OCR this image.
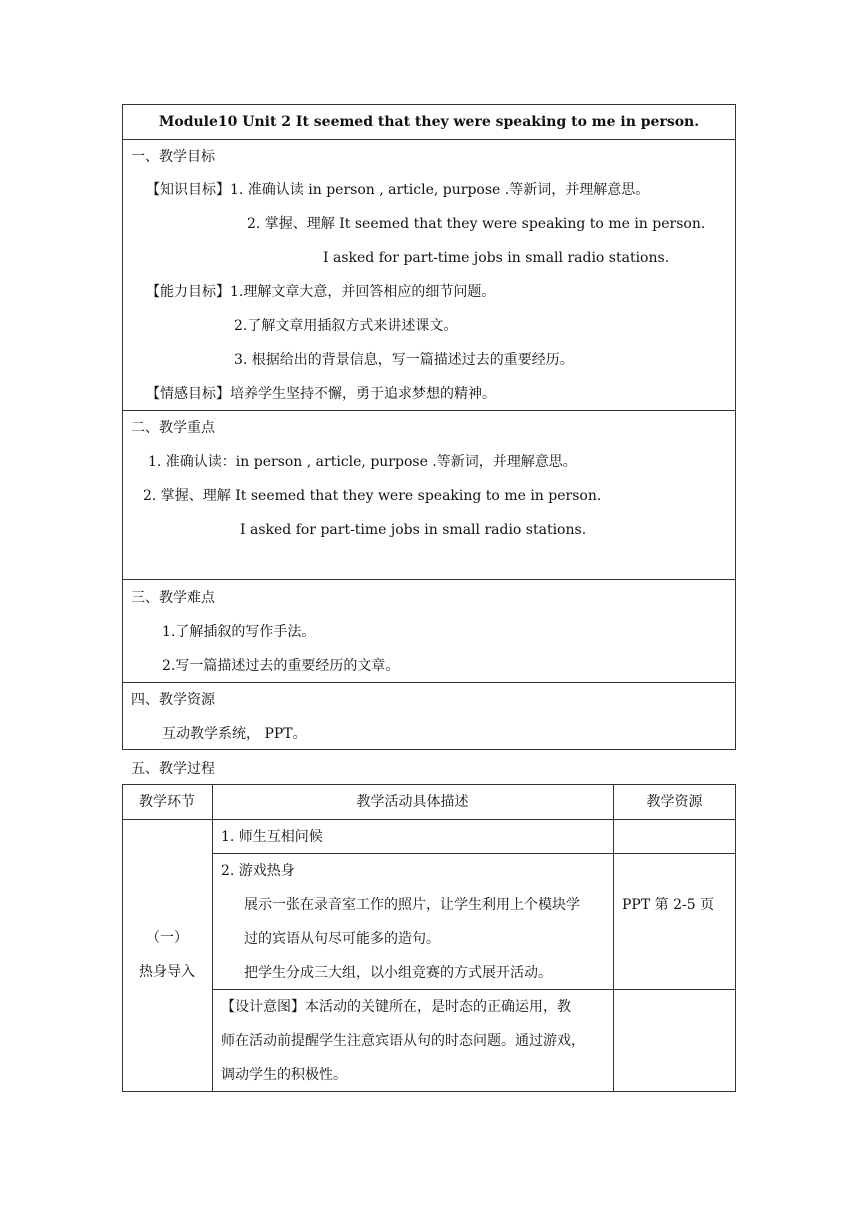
Module10 Unit 2 It seemed that they were speaking to me in person.
一、教学目标
【知识目标】1. 准确认读 in person , article, purpose .等新词，并理解意思。
2. 掌握、理解 It seemed that they were speaking to me in person.
I asked for part-time jobs in small radio stations.
【能力目标】1.理解文章大意，并回答相应的细节问题。
2.了解文章用插叙方式来讲述课文。
3. 根据给出的背景信息，写一篇描述过去的重要经历。
【情感目标】培养学生坚持不懈，勇于追求梦想的精神。
二、教学重点
1. 准确认读：in person , article, purpose .等新词，并理解意思。
2. 掌握、理解 It seemed that they were speaking to me in person.
I asked for part-time jobs in small radio stations.
三、教学难点
1.了解插叙的写作手法。
2.写一篇描述过去的重要经历的文章。
四、教学资源
互动教学系统， PPT。
五、教学过程
教学环节	教学活动具体描述	教学资源
（一）
热身导入
1. 师生互相问候
2. 游戏热身
展示一张在录音室工作的照片，让学生利用上个模块学
过的宾语从句尽可能多的造句。
把学生分成三大组，以小组竞赛的方式展开活动。
PPT 第 2-5 页
【设计意图】本活动的关键所在，是时态的正确运用，教
师在活动前提醒学生注意宾语从句的时态问题。通过游戏，
调动学生的积极性。
